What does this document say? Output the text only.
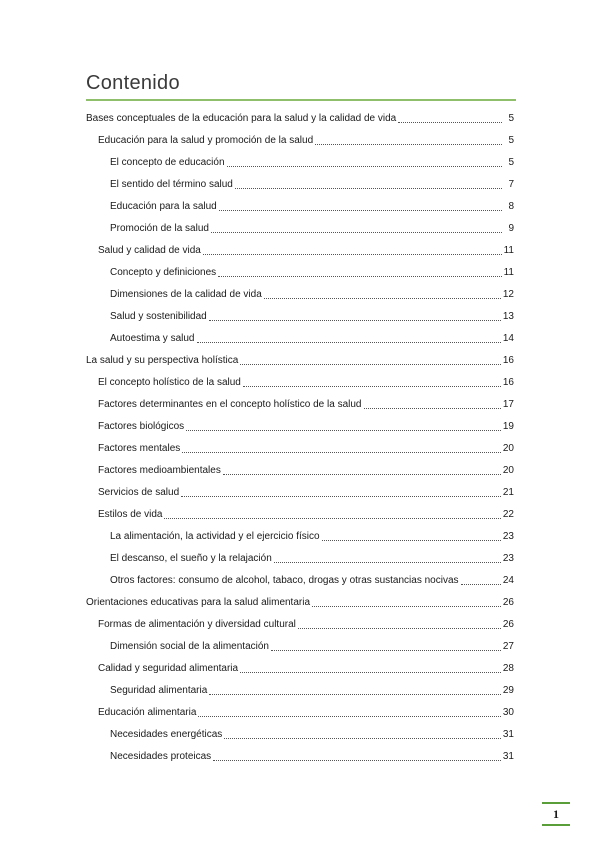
Contenido
Bases conceptuales de la educación para la salud y la calidad de vida	5
Educación para la salud y promoción de la salud	5
El concepto de educación	5
El sentido del término salud	7
Educación para la salud	8
Promoción de la salud	9
Salud y calidad de vida	11
Concepto y definiciones	11
Dimensiones de la calidad de vida	12
Salud y sostenibilidad	13
Autoestima y salud	14
La salud y su perspectiva holística	16
El concepto holístico de la salud	16
Factores determinantes en el concepto holístico de la salud	17
Factores biológicos	19
Factores mentales	20
Factores medioambientales	20
Servicios de salud	21
Estilos de vida	22
La alimentación, la actividad y el ejercicio físico	23
El descanso, el sueño y la relajación	23
Otros factores: consumo de alcohol, tabaco, drogas y otras sustancias nocivas	24
Orientaciones educativas para la salud alimentaria	26
Formas de alimentación y diversidad cultural	26
Dimensión social de la alimentación	27
Calidad y seguridad alimentaria	28
Seguridad alimentaria	29
Educación alimentaria	30
Necesidades energéticas	31
Necesidades proteicas	31
1
